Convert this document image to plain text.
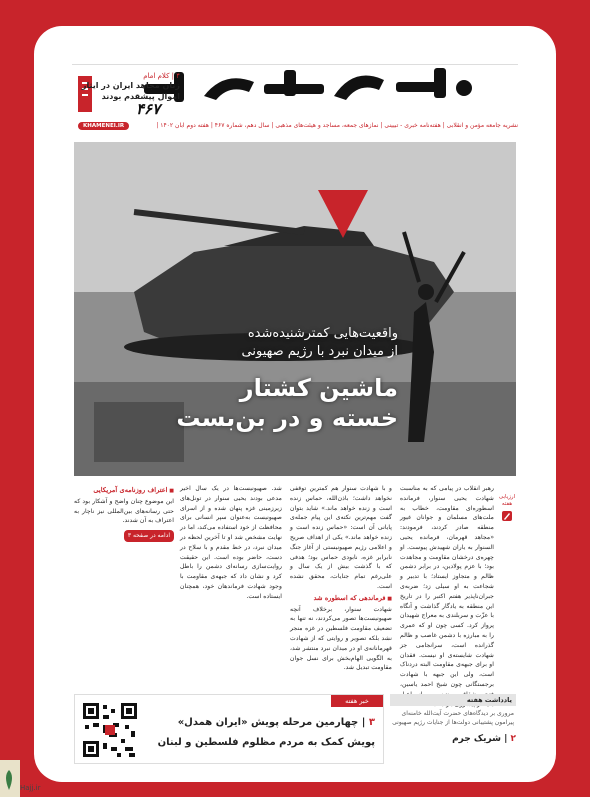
۴۶۷
۴ | کلام امام
زنان مجاهد ایران در ایثار اموال پیشقدم بودند
نشریه جامعه مؤمن و انقلابی | هفته‌نامه خبری - تبیینی | نمازهای جمعه، مساجد و هیئت‌های مذهبی | سال دهم، شماره ۴۶۷ | هفته دوم آبان ۱۴۰۲ |
KHAMENEI.IR
واقعیت‌هایی کمترشنیده‌شده
از میدان نبرد با رژیم صهیونی
ماشین کشتار
خسته و در بن‌بست
ارزیابی هفته
رهبر انقلاب در پیامی که به مناسبت شهادت یحیی سنوار، فرمانده اسطوره‌ای مقاومت، خطاب به ملت‌های مسلمان و جوانان غیور منطقه صادر کردند، فرمودند: «مجاهد قهرمان، فرمانده یحیی السنوار به یاران شهیدش پیوست. او چهره‌ی درخشان مقاومت و مجاهدت بود؛ با عزم پولادین، در برابر دشمن ظالم و متجاوز ایستاد؛ با تدبیر و شجاعت به او سیلی زد؛ ضربه‌ی جبران‌ناپذیر هفتم اکتبر را در تاریخ این منطقه به یادگار گذاشت و آنگاه با عزّت و سربلندی به معراج شهیدان پرواز کرد. کسی چون او که عمری را به مبارزه با دشمن غاصب و ظالم گذرانده است، سرانجامی جز شهادت شایسته‌ی او نیست. فقدان او برای جبهه‌ی مقاومت البته دردناک است، ولی این جبهه با شهادت برجستگانی چون شیخ احمد یاسین،
و با شهادت سنوار هم کمترین توقفی نخواهد داشت؛ باذن‌الله، حماس زنده است و زنده خواهد ماند.» شاید بتوان گفت مهم‌ترین نکته‌ی این پیام جمله‌ی پایانی آن است: «حماس زنده است و زنده خواهد ماند.» یکی از اهداف صریح و اعلامی رژیم صهیونیستی از آغاز جنگ نابرابر غزه، نابودی حماس بود؛ هدفی که با گذشت بیش از یک سال و علی‌رغم تمام جنایات، محقق نشده است.
■ فرماندهی که اسطوره شد
شهادت سنوار، برخلاف آنچه صهیونیست‌ها تصور می‌کردند، نه تنها به تضعیف مقاومت فلسطین در غزه منجر نشد بلکه تصویر و روایتی که از شهادت قهرمانانه‌ی او در میدان نبرد منتشر شد، به الگویی الهام‌بخش برای نسل جوان مقاومت تبدیل شد.
شد. صهیونیست‌ها در یک سال اخیر مدعی بودند یحیی سنوار در تونل‌های زیرزمینی غزه پنهان شده و از اسرای صهیونیست به‌عنوان سپر انسانی برای محافظت از خود استفاده می‌کند، اما در نهایت مشخص شد او تا آخرین لحظه در میدان نبرد، در خط مقدم و با سلاح در دست، حاضر بوده است. این حقیقت روایت‌سازی رسانه‌ای دشمن را باطل کرد و نشان داد که جبهه‌ی مقاومت با وجود شهادت فرماندهان خود، همچنان ایستاده است.
■ اعتراف روزنامه‌ی آمریکایی
این موضوع چنان واضح و آشکار بود که حتی رسانه‌های بین‌المللی نیز ناچار به اعتراف به آن شدند.
ادامه در صفحه ۳
یادداشت هفته
مروری بر دیدگاه‌های حضرت آیت‌الله خامنه‌ای پیرامون پشتیبانی دولت‌ها از جنایات رژیم صهیونی
۲ | شریک جرم
خبر هفته
۳ | چهارمین مرحله پویش «ایران همدل»
پویش کمک به مردم مظلوم فلسطین و لبنان
Hajj.ir
